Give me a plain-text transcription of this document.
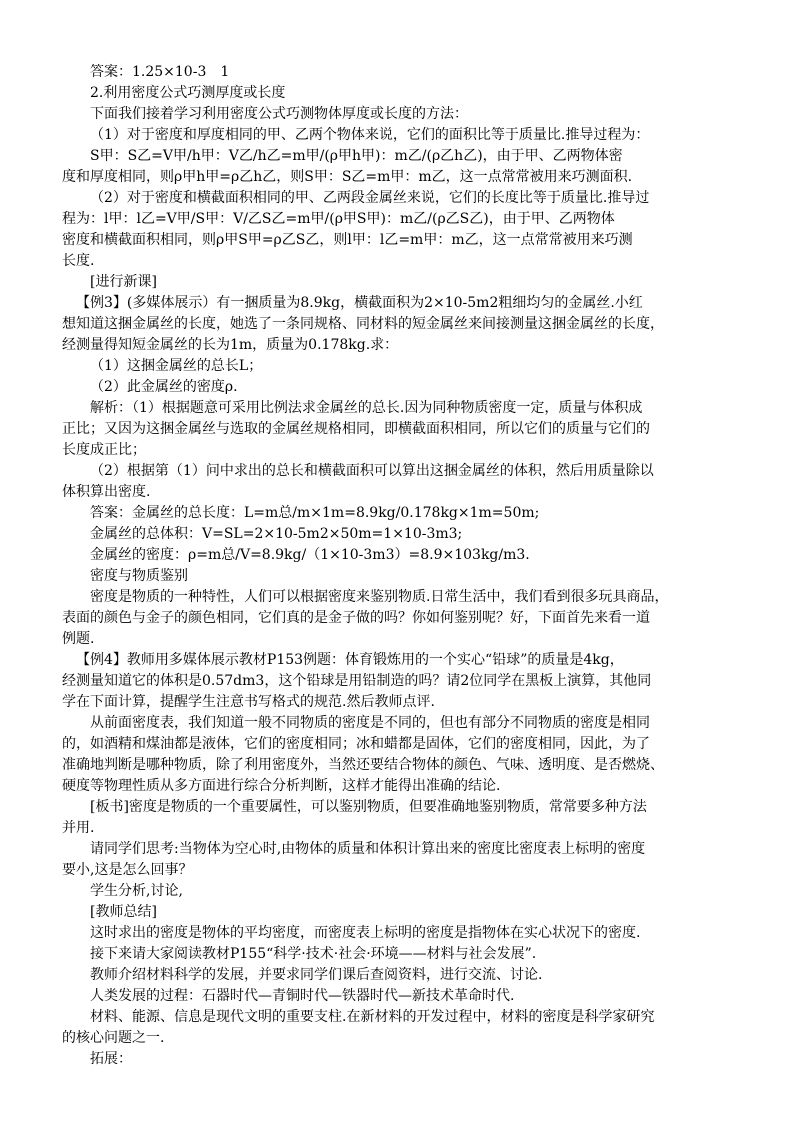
答案：1.25×10-3　1
2.利用密度公式巧测厚度或长度
下面我们接着学习利用密度公式巧测物体厚度或长度的方法：
（1）对于密度和厚度相同的甲、乙两个物体来说，它们的面积比等于质量比.推导过程为：
S甲：S乙=V甲/h甲：V乙/h乙=m甲/(ρ甲h甲)：m乙/(ρ乙h乙)，由于甲、乙两物体密
度和厚度相同，则ρ甲h甲=ρ乙h乙，则S甲：S乙=m甲：m乙，这一点常常被用来巧测面积.
（2）对于密度和横截面积相同的甲、乙两段金属丝来说，它们的长度比等于质量比.推导过
程为：l甲：l乙=V甲/S甲：V/乙S乙=m甲/(ρ甲S甲)：m乙/(ρ乙S乙)，由于甲、乙两物体
密度和横截面积相同，则ρ甲S甲=ρ乙S乙，则l甲：l乙=m甲：m乙，这一点常常被用来巧测
长度.
[进行新课]
【例3】(多媒体展示）有一捆质量为8.9kg，横截面积为2×10-5m2粗细均匀的金属丝.小红
想知道这捆金属丝的长度，她选了一条同规格、同材料的短金属丝来间接测量这捆金属丝的长度，
经测量得知短金属丝的长为1m，质量为0.178kg.求：
（1）这捆金属丝的总长L；
（2）此金属丝的密度ρ.
解析：（1）根据题意可采用比例法求金属丝的总长.因为同种物质密度一定，质量与体积成
正比；又因为这捆金属丝与选取的金属丝规格相同，即横截面积相同，所以它们的质量与它们的
长度成正比；
（2）根据第（1）问中求出的总长和横截面积可以算出这捆金属丝的体积，然后用质量除以
体积算出密度.
答案：金属丝的总长度：L=m总/m×1m=8.9kg/0.178kg×1m=50m;
金属丝的总体积：V=SL=2×10-5m2×50m=1×10-3m3;
金属丝的密度：ρ=m总/V=8.9kg/（1×10-3m3）=8.9×103kg/m3.
密度与物质鉴别
密度是物质的一种特性，人们可以根据密度来鉴别物质.日常生活中，我们看到很多玩具商品，
表面的颜色与金子的颜色相同，它们真的是金子做的吗？你如何鉴别呢？好，下面首先来看一道
例题.
【例4】教师用多媒体展示教材P153例题：体育锻炼用的一个实心“铅球”的质量是4kg，
经测量知道它的体积是0.57dm3，这个铅球是用铅制造的吗？请2位同学在黑板上演算，其他同
学在下面计算，提醒学生注意书写格式的规范.然后教师点评.
从前面密度表，我们知道一般不同物质的密度是不同的，但也有部分不同物质的密度是相同
的，如酒精和煤油都是液体，它们的密度相同；冰和蜡都是固体，它们的密度相同，因此，为了
准确地判断是哪种物质，除了利用密度外，当然还要结合物体的颜色、气味、透明度、是否燃烧、
硬度等物理性质从多方面进行综合分析判断，这样才能得出准确的结论.
[板书]密度是物质的一个重要属性，可以鉴别物质，但要准确地鉴别物质，常常要多种方法
并用.
请同学们思考:当物体为空心时,由物体的质量和体积计算出来的密度比密度表上标明的密度
要小,这是怎么回事？
学生分析,讨论,
[教师总结]
这时求出的密度是物体的平均密度，而密度表上标明的密度是指物体在实心状况下的密度.
接下来请大家阅读教材P155“科学·技术·社会·环境——材料与社会发展”.
教师介绍材料科学的发展，并要求同学们课后查阅资料，进行交流、讨论.
人类发展的过程：石器时代—青铜时代—铁器时代—新技术革命时代.
材料、能源、信息是现代文明的重要支柱.在新材料的开发过程中，材料的密度是科学家研究
的核心问题之一.
拓展：
